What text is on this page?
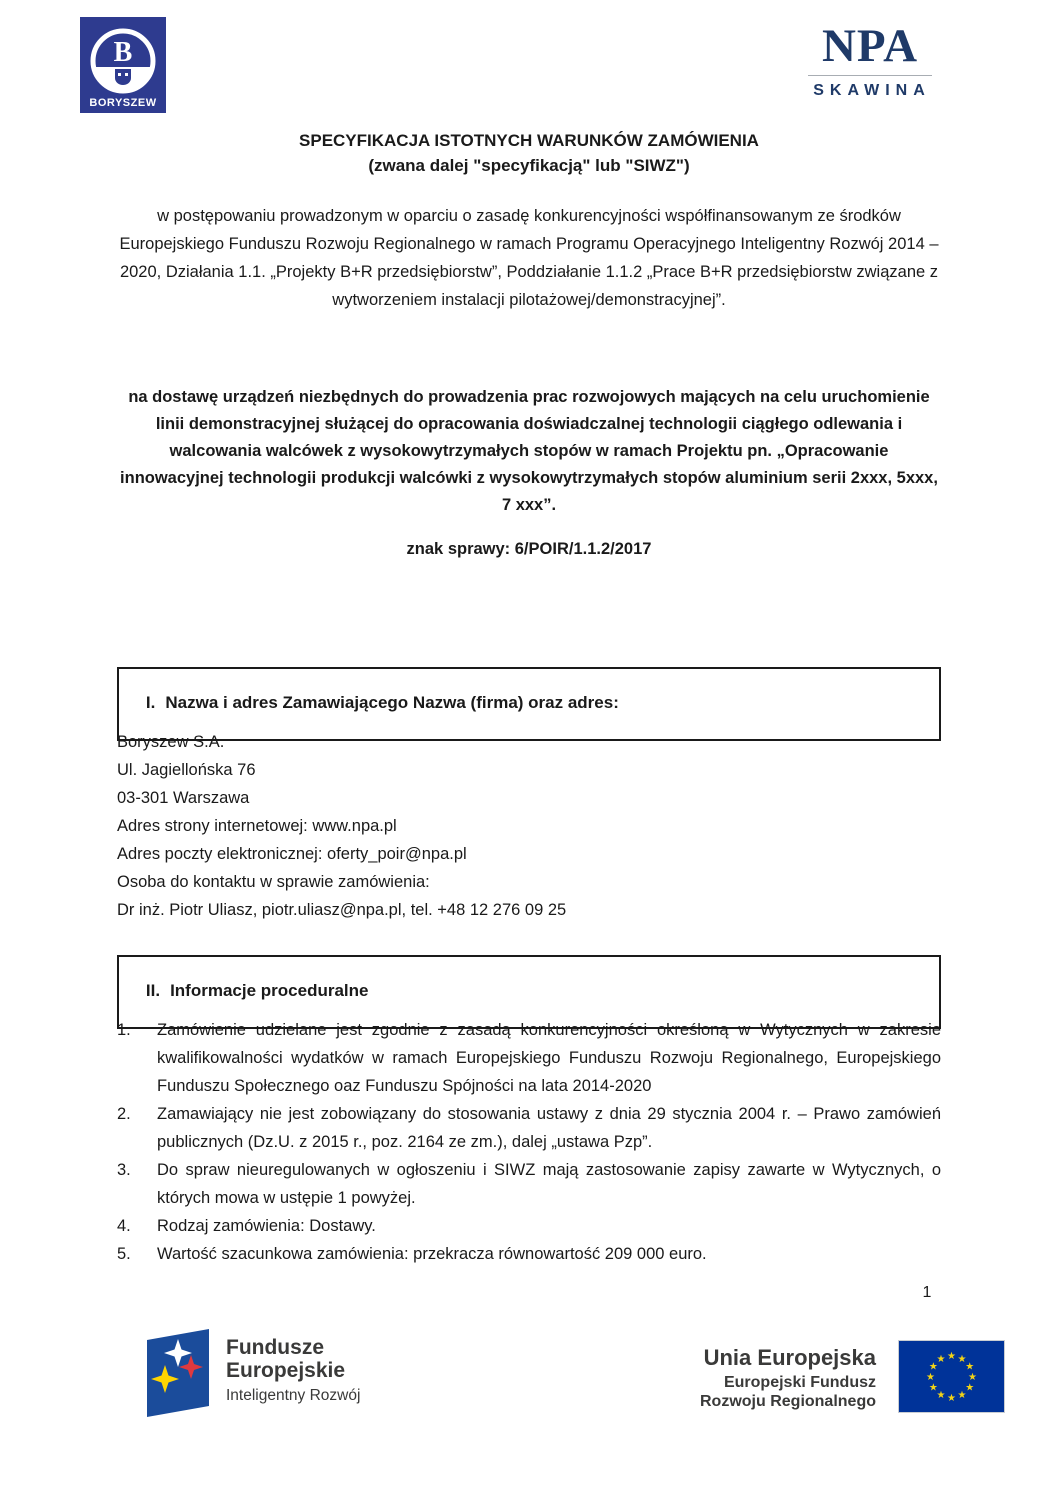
B
BORYSZEW
NPA
SKAWINA
SPECYFIKACJA ISTOTNYCH WARUNKÓW ZAMÓWIENIA
(zwana dalej "specyfikacją" lub "SIWZ")

w postępowaniu prowadzonym w oparciu o zasadę konkurencyjności współfinansowanym ze środków Europejskiego Funduszu Rozwoju Regionalnego w ramach Programu Operacyjnego Inteligentny Rozwój 2014 – 2020, Działania 1.1. „Projekty B+R przedsiębiorstw”, Poddziałanie 1.1.2 „Prace B+R przedsiębiorstw związane z wytworzeniem instalacji pilotażowej/demonstracyjnej”.

na dostawę urządzeń niezbędnych do prowadzenia prac rozwojowych mających na celu uruchomienie linii demonstracyjnej służącej do opracowania doświadczalnej technologii ciągłego odlewania i walcowania walcówek z wysokowytrzymałych stopów w ramach Projektu pn. „Opracowanie innowacyjnej technologii produkcji walcówki z wysokowytrzymałych stopów aluminium serii 2xxx, 5xxx, 7 xxx”.

znak sprawy: 6/POIR/1.1.2/2017

I. Nazwa i adres Zamawiającego Nazwa (firma) oraz adres:

Boryszew S.A.

Ul. Jagiellońska 76

03-301 Warszawa

Adres strony internetowej: www.npa.pl

Adres poczty elektronicznej: oferty_poir@npa.pl

Osoba do kontaktu w sprawie zamówienia:

Dr inż. Piotr Uliasz, piotr.uliasz@npa.pl, tel. +48 12 276 09 25

II. Informacje proceduralne

1.	Zamówienie udzielane jest zgodnie z zasadą konkurencyjności określoną w Wytycznych w zakresie kwalifikowalności wydatków w ramach Europejskiego Funduszu Rozwoju Regionalnego, Europejskiego Funduszu Społecznego oaz Funduszu Spójności na lata 2014-2020
2.	Zamawiający nie jest zobowiązany do stosowania ustawy z dnia 29 stycznia 2004 r. – Prawo zamówień publicznych (Dz.U. z 2015 r., poz. 2164 ze zm.), dalej „ustawa Pzp”.
3.	Do spraw nieuregulowanych w ogłoszeniu i SIWZ mają zastosowanie zapisy zawarte w Wytycznych, o których mowa w ustępie 1 powyżej.
4.	Rodzaj zamówienia: Dostawy.
5.	Wartość szacunkowa zamówienia: przekracza równowartość 209 000 euro.
1
Fundusze
Europejskie
Inteligentny Rozwój
Unia Europejska
Europejski Fundusz
Rozwoju Regionalnego
★ ★
★
★
★
★
★
★
★
★
★
★
